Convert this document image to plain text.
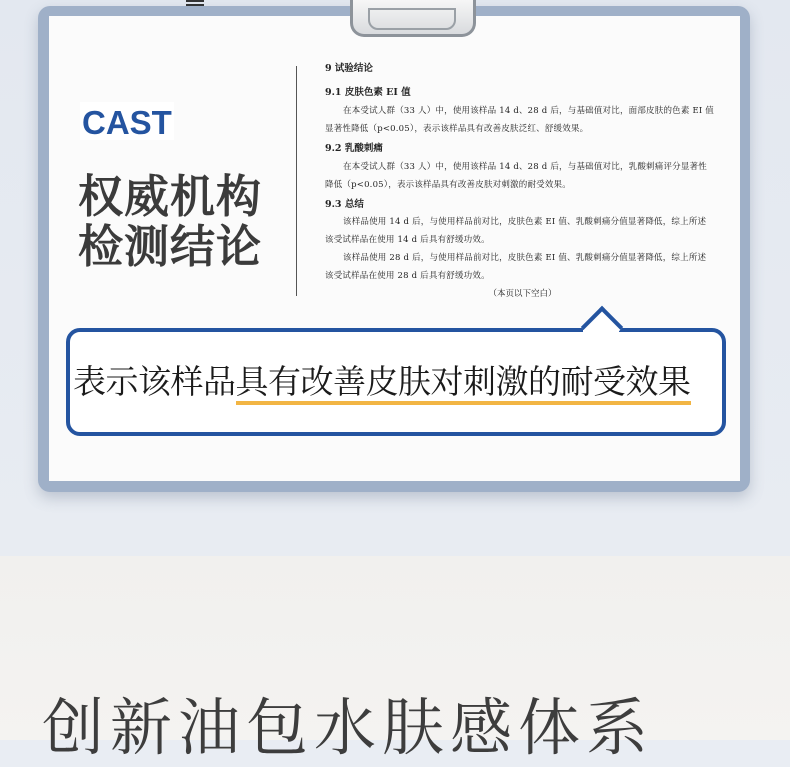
CAST
权威机构
检测结论
9 试验结论
9.1 皮肤色素 EI 值
在本受试人群（33 人）中，使用该样品 14 d、28 d 后，与基础值对比，面部皮肤的色素 EI 值
显著性降低（p<0.05），表示该样品具有改善皮肤泛红、舒缓效果。
9.2 乳酸刺痛
在本受试人群（33 人）中，使用该样品 14 d、28 d 后，与基础值对比，乳酸刺痛评分显著性
降低（p<0.05），表示该样品具有改善皮肤对刺激的耐受效果。
9.3 总结
该样品使用 14 d 后，与使用样品前对比，皮肤色素 EI 值、乳酸刺痛分值显著降低，综上所述
该受试样品在使用 14 d 后具有舒缓功效。
该样品使用 28 d 后，与使用样品前对比，皮肤色素 EI 值、乳酸刺痛分值显著降低，综上所述
该受试样品在使用 28 d 后具有舒缓功效。
（本页以下空白）
表示该样品具有改善皮肤对刺激的耐受效果
创新油包水肤感体系
